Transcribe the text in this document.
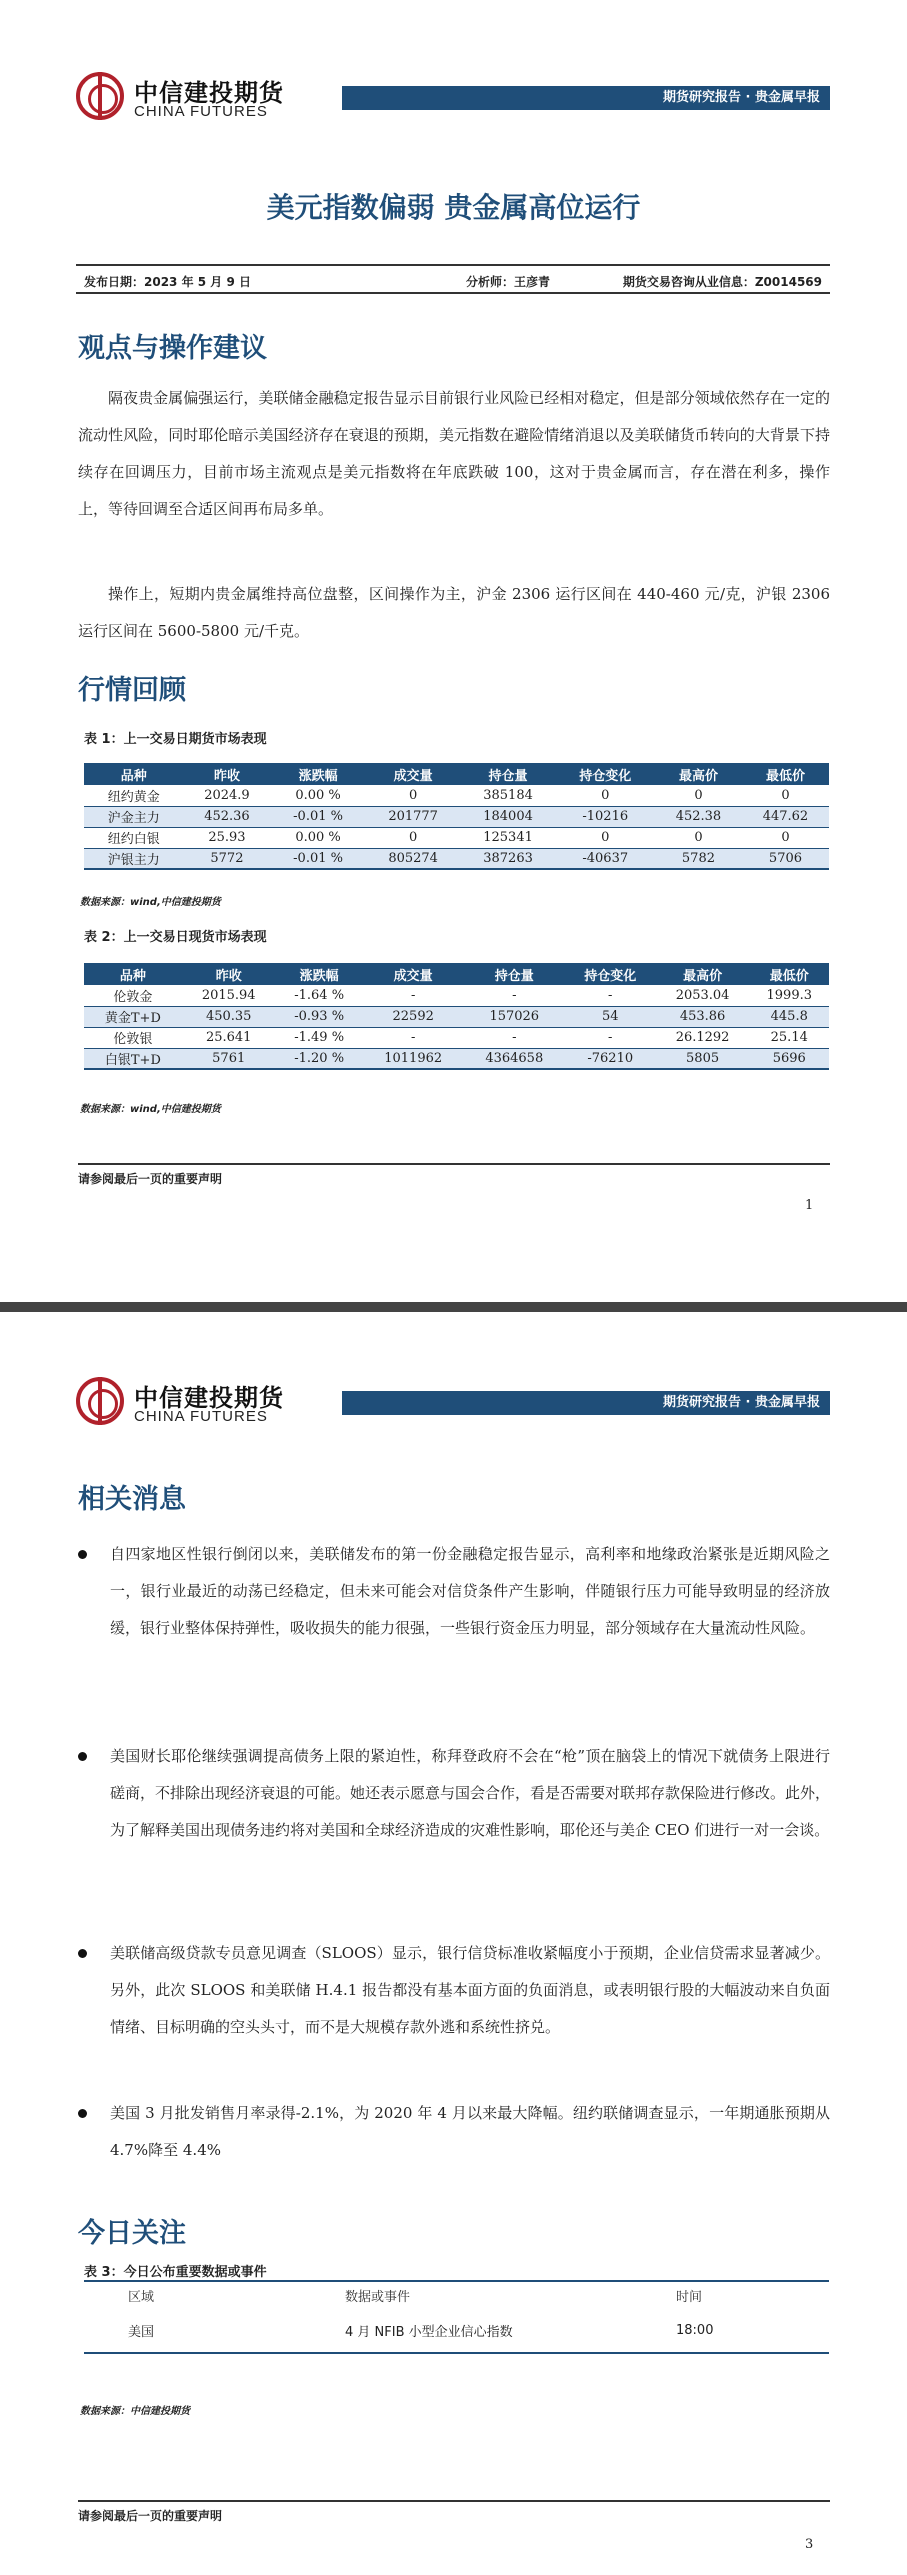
中信建投期货
CHINA FUTURES
期货研究报告 · 贵金属早报
美元指数偏弱 贵金属高位运行
发布日期：2023 年 5 月 9 日	分析师：王彦青	期货交易咨询从业信息：Z0014569
观点与操作建议
隔夜贵金属偏强运行，美联储金融稳定报告显示目前银行业风险已经相对稳定，但是部分领域依然存在一定的流动性风险，同时耶伦暗示美国经济存在衰退的预期，美元指数在避险情绪消退以及美联储货币转向的大背景下持续存在回调压力，目前市场主流观点是美元指数将在年底跌破 100，这对于贵金属而言，存在潜在利多，操作上，等待回调至合适区间再布局多单。
操作上，短期内贵金属维持高位盘整，区间操作为主，沪金 2306 运行区间在 440-460 元/克，沪银 2306 运行区间在 5600-5800 元/千克。
行情回顾
表 1：上一交易日期货市场表现
品种	昨收	涨跌幅	成交量	持仓量	持仓变化	最高价	最低价
纽约黄金	2024.9	0.00 %	0	385184	0	0	0
沪金主力	452.36	-0.01 %	201777	184004	-10216	452.38	447.62
纽约白银	25.93	0.00 %	0	125341	0	0	0
沪银主力	5772	-0.01 %	805274	387263	-40637	5782	5706
数据来源：wind,中信建投期货
表 2：上一交易日现货市场表现
品种	昨收	涨跌幅	成交量	持仓量	持仓变化	最高价	最低价
伦敦金	2015.94	-1.64 %	-	-	-	2053.04	1999.3
黄金T+D	450.35	-0.93 %	22592	157026	54	453.86	445.8
伦敦银	25.641	-1.49 %	-	-	-	26.1292	25.14
白银T+D	5761	-1.20 %	1011962	4364658	-76210	5805	5696
数据来源：wind,中信建投期货
请参阅最后一页的重要声明
1
中信建投期货
CHINA FUTURES
期货研究报告 · 贵金属早报
相关消息
自四家地区性银行倒闭以来，美联储发布的第一份金融稳定报告显示，高利率和地缘政治紧张是近期风险之一，银行业最近的动荡已经稳定，但未来可能会对信贷条件产生影响，伴随银行压力可能导致明显的经济放缓，银行业整体保持弹性，吸收损失的能力很强，一些银行资金压力明显，部分领域存在大量流动性风险。
美国财长耶伦继续强调提高债务上限的紧迫性，称拜登政府不会在“枪”顶在脑袋上的情况下就债务上限进行磋商，不排除出现经济衰退的可能。她还表示愿意与国会合作，看是否需要对联邦存款保险进行修改。此外，为了解释美国出现债务违约将对美国和全球经济造成的灾难性影响，耶伦还与美企 CEO 们进行一对一会谈。
美联储高级贷款专员意见调查（SLOOS）显示，银行信贷标准收紧幅度小于预期，企业信贷需求显著减少。另外，此次 SLOOS 和美联储 H.4.1 报告都没有基本面方面的负面消息，或表明银行股的大幅波动来自负面情绪、目标明确的空头头寸，而不是大规模存款外逃和系统性挤兑。
美国 3 月批发销售月率录得-2.1%，为 2020 年 4 月以来最大降幅。纽约联储调查显示，一年期通胀预期从 4.7%降至 4.4%
今日关注
表 3：今日公布重要数据或事件
区域	数据或事件	时间
美国	4 月 NFIB 小型企业信心指数	18:00
数据来源：中信建投期货
请参阅最后一页的重要声明
3
